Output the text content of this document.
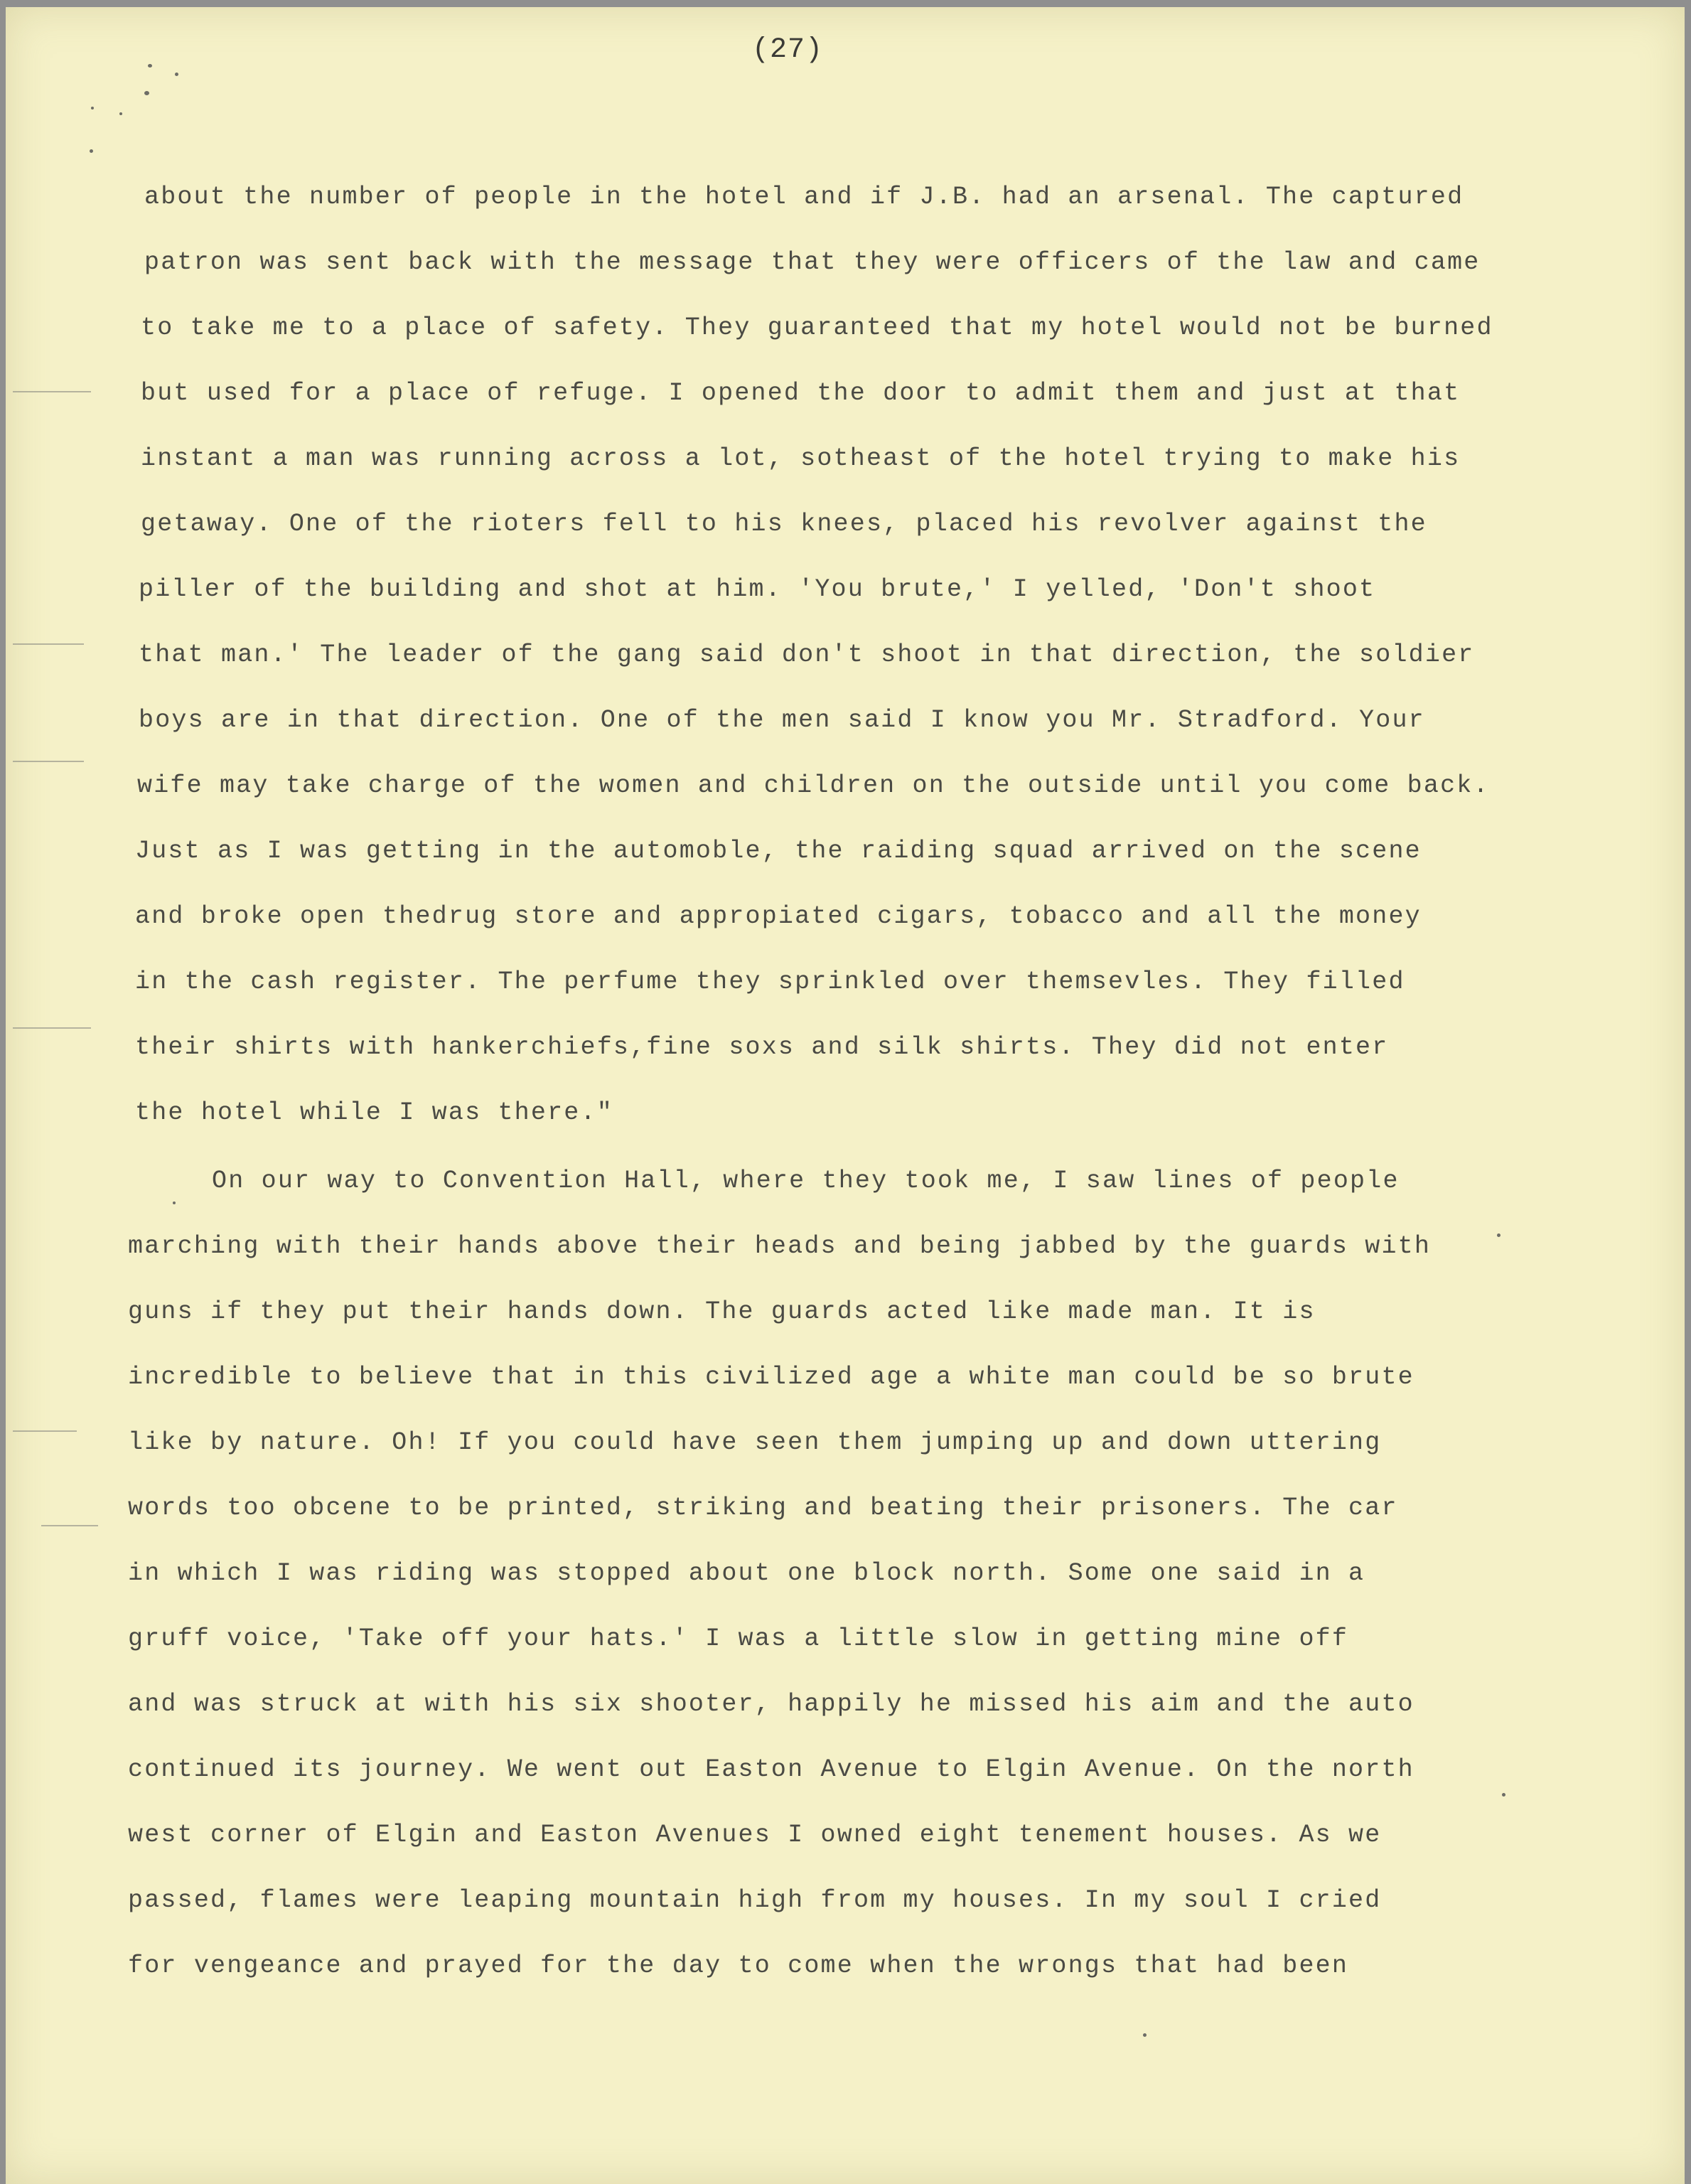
(27)

about the number of people in the hotel and if J.B. had an arsenal. The captured

patron was sent back with the message that they were officers of the law and came

to take me to a place of safety. They guaranteed that my hotel would not be burned

but used for a place of refuge. I opened the door to admit them and just at that

instant a man was running across a lot, sotheast of the hotel trying to make his

getaway. One of the rioters fell to his knees, placed his revolver against the

piller of the building and shot at him. 'You brute,' I yelled, 'Don't shoot

that man.' The leader of the gang said don't shoot in that direction, the soldier

boys are in that direction. One of the men said I know you Mr. Stradford. Your

wife may take charge of the women and children on the outside until you come back.

Just as I was getting in the automoble, the raiding squad arrived on the scene

and broke open thedrug store and appropiated cigars, tobacco and all the money

in the cash register. The perfume they sprinkled over themsevles. They filled

their shirts with hankerchiefs,fine soxs and silk shirts. They did not enter

the hotel while I was there."

On our way to Convention Hall, where they took me, I saw lines of people

marching with their hands above their heads and being jabbed by the guards with

guns if they put their hands down. The guards acted like made man. It is

incredible to believe that in this civilized age a white man could be so brute

like by nature. Oh! If you could have seen them jumping up and down uttering

words too obcene to be printed, striking and beating their prisoners. The car

in which I was riding was stopped about one block north. Some one said in a

gruff voice, 'Take off your hats.' I was a little slow in getting mine off

and was struck at with his six shooter, happily he missed his aim and the auto

continued its journey. We went out Easton Avenue to Elgin Avenue. On the north

west corner of Elgin and Easton Avenues I owned eight tenement houses. As we

passed, flames were leaping mountain high from my houses. In my soul I cried

for vengeance and prayed for the day to come when the wrongs that had been
